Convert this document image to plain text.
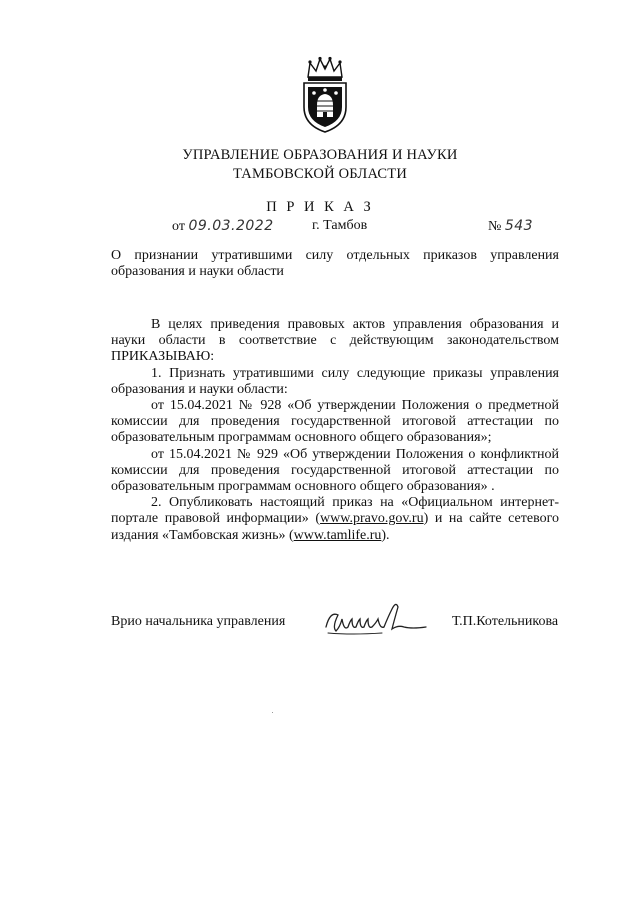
УПРАВЛЕНИЕ ОБРАЗОВАНИЯ И НАУКИ
ТАМБОВСКОЙ ОБЛАСТИ
П Р И К А З
от 09.03.2022	г. Тамбов	№ 543
О признании утратившими силу отдельных приказов управления образования и науки области

В целях приведения правовых актов управления образования и науки области в соответствие с действующим законодательством ПРИКАЗЫВАЮ:

1. Признать утратившими силу следующие приказы управления образования и науки области:

от 15.04.2021 № 928 «Об утверждении Положения о предметной комиссии для проведения государственной итоговой аттестации по образовательным программам основного общего образования»;

от 15.04.2021 № 929 «Об утверждении Положения о конфликтной комиссии для проведения государственной итоговой аттестации по образовательным программам основного общего образования» .

2. Опубликовать настоящий приказ на «Официальном интернет-портале правовой информации» (www.pravo.gov.ru) и на сайте сетевого издания «Тамбовская жизнь» (www.tamlife.ru).

Врио начальника управления	Т.П.Котельникова
